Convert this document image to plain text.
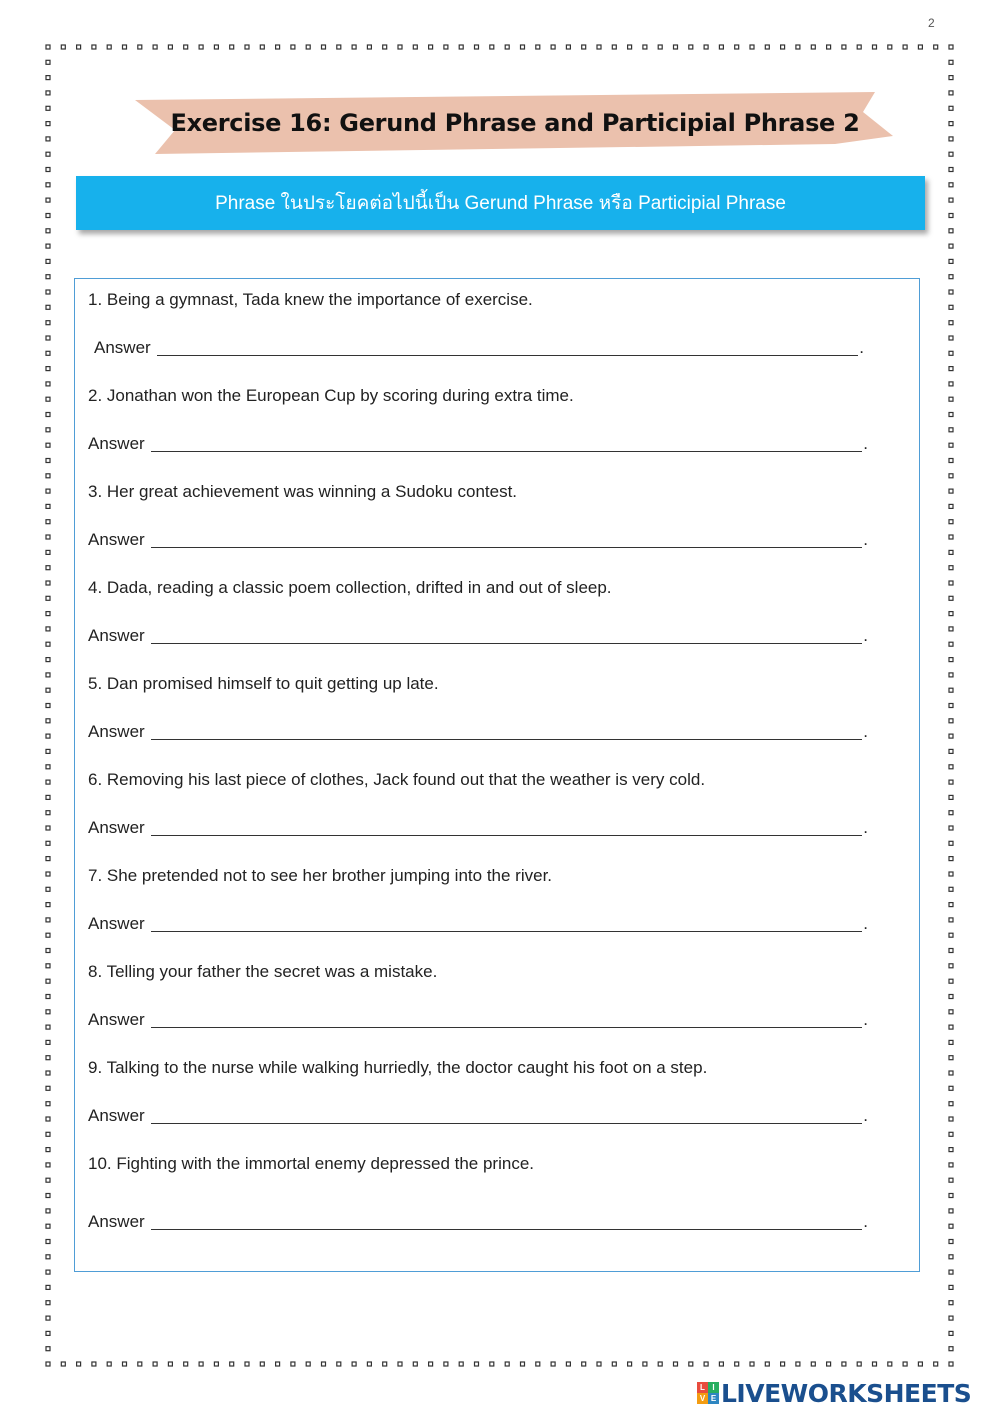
2
Exercise 16: Gerund Phrase and Participial Phrase 2
Phrase ในประโยคต่อไปนี้เป็น Gerund Phrase หรือ Participial Phrase
1. Being a gymnast, Tada knew the importance of exercise.
Answer	.
2. Jonathan won the European Cup by scoring during extra time.
Answer	.
3. Her great achievement was winning a Sudoku contest.
Answer	.
4. Dada, reading a classic poem collection, drifted in and out of sleep.
Answer	.
5. Dan promised himself to quit getting up late.
Answer	.
6. Removing his last piece of clothes, Jack found out that the weather is very cold.
Answer	.
7. She pretended not to see her brother jumping into the river.
Answer	.
8. Telling your father the secret was a mistake.
Answer	.
9. Talking to the nurse while walking hurriedly, the doctor caught his foot on a step.
Answer	.
10. Fighting with the immortal enemy depressed the prince.
Answer	.
L I
V E LIVEWORKSHEETS
